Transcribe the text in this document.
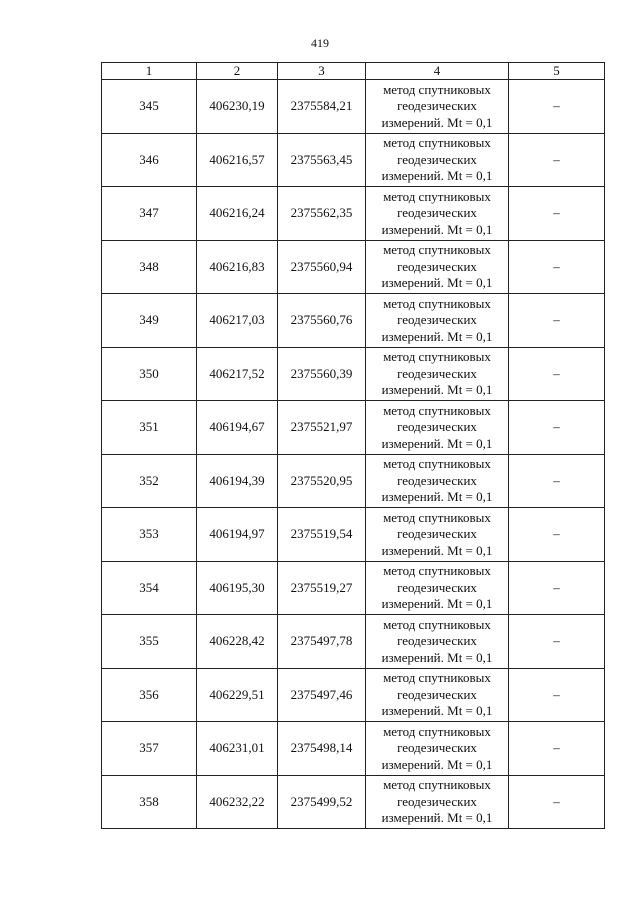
419
1	2	3	4	5
345	406230,19	2375584,21	метод спутниковых
геодезических
измерений. Mt = 0,1	–
346	406216,57	2375563,45	метод спутниковых
геодезических
измерений. Mt = 0,1	–
347	406216,24	2375562,35	метод спутниковых
геодезических
измерений. Mt = 0,1	–
348	406216,83	2375560,94	метод спутниковых
геодезических
измерений. Mt = 0,1	–
349	406217,03	2375560,76	метод спутниковых
геодезических
измерений. Mt = 0,1	–
350	406217,52	2375560,39	метод спутниковых
геодезических
измерений. Mt = 0,1	–
351	406194,67	2375521,97	метод спутниковых
геодезических
измерений. Mt = 0,1	–
352	406194,39	2375520,95	метод спутниковых
геодезических
измерений. Mt = 0,1	–
353	406194,97	2375519,54	метод спутниковых
геодезических
измерений. Mt = 0,1	–
354	406195,30	2375519,27	метод спутниковых
геодезических
измерений. Mt = 0,1	–
355	406228,42	2375497,78	метод спутниковых
геодезических
измерений. Mt = 0,1	–
356	406229,51	2375497,46	метод спутниковых
геодезических
измерений. Mt = 0,1	–
357	406231,01	2375498,14	метод спутниковых
геодезических
измерений. Mt = 0,1	–
358	406232,22	2375499,52	метод спутниковых
геодезических
измерений. Mt = 0,1	–
